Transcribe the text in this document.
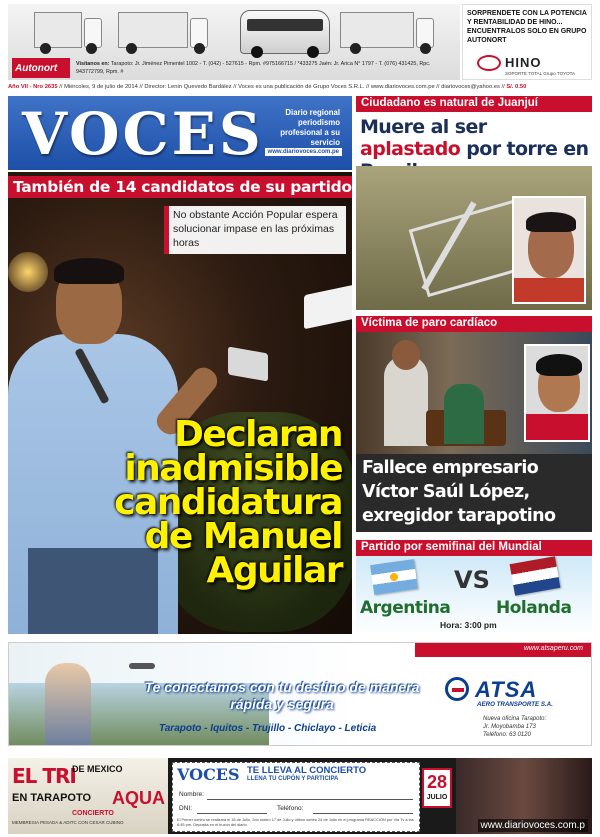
Autonort	Visítanos en: Tarapoto: Jr. Jiménez Pimentel 1002 - T. (042) - 527615 - Rpm. #975166715 / *433275 Jaén: Jr. Arica N° 1797 - T. (076) 431425, Rpc. 943772799, Rpm. #
SORPRENDETE CON LA POTENCIA Y RENTABILIDAD DE HINO... ENCUENTRALOS SOLO EN GRUPO AUTONORT
HINO
SOPORTE TOTAL Grupo TOYOTA
Año VII - Nro 2635 // Miércoles, 9 de julio de 2014 // Director: Lenin Quevedo Bardález // Voces es una publicación de Grupo Voces S.R.L. // www.diariovoces.com.pe // diariovoces@yahoo.es // S/. 0.50
VOCES	Diario regional periodismo profesional a su servicio
www.diariovoces.com.pe
También de 14 candidatos de su partido
No obstante Acción Popular espera solucionar impase en las próximas horas
Declaran inadmisible candidatura de Manuel Aguilar
Ciudadano es natural de Juanjuí
Muere al ser aplastado por torre en
Víctima de paro cardíaco
Fallece empresario Víctor Saúl López, exregidor tarapotino
Partido por semifinal del Mundial
VS
Argentina	Holanda
Hora: 3:00 pm
www.atsaperu.com
Te conectamos con tu destino de manera rápida y segura
Tarapoto - Iquitos - Trujillo - Chiclayo - Leticia
ATSA
AERO TRANSPORTE S.A.
Nueva oficina Tarapoto:
Jr. Moyobamba 173
Teléfono: 63 0120
EL TRI
DE MEXICO
EN TARAPOTO AQUA
CONCIERTO
MEMBRESIA PESADA & ADITC CON CESAR CUBINO
VOCES TE LLEVA AL CONCIERTO
LLENA TU CUPÓN Y PARTICIPA
Nombre:
DNI:	Teléfono:
El Primer sorteo se realizará el 18 de Julio, 2do sorteo 17 de Julio y último sorteo 24 de Julio en el programa REACCIÓN por Via Tv a las 8:45 pm. Deposita en el buzón del diario.
28
JULIO
www.diariovoces.com.p
